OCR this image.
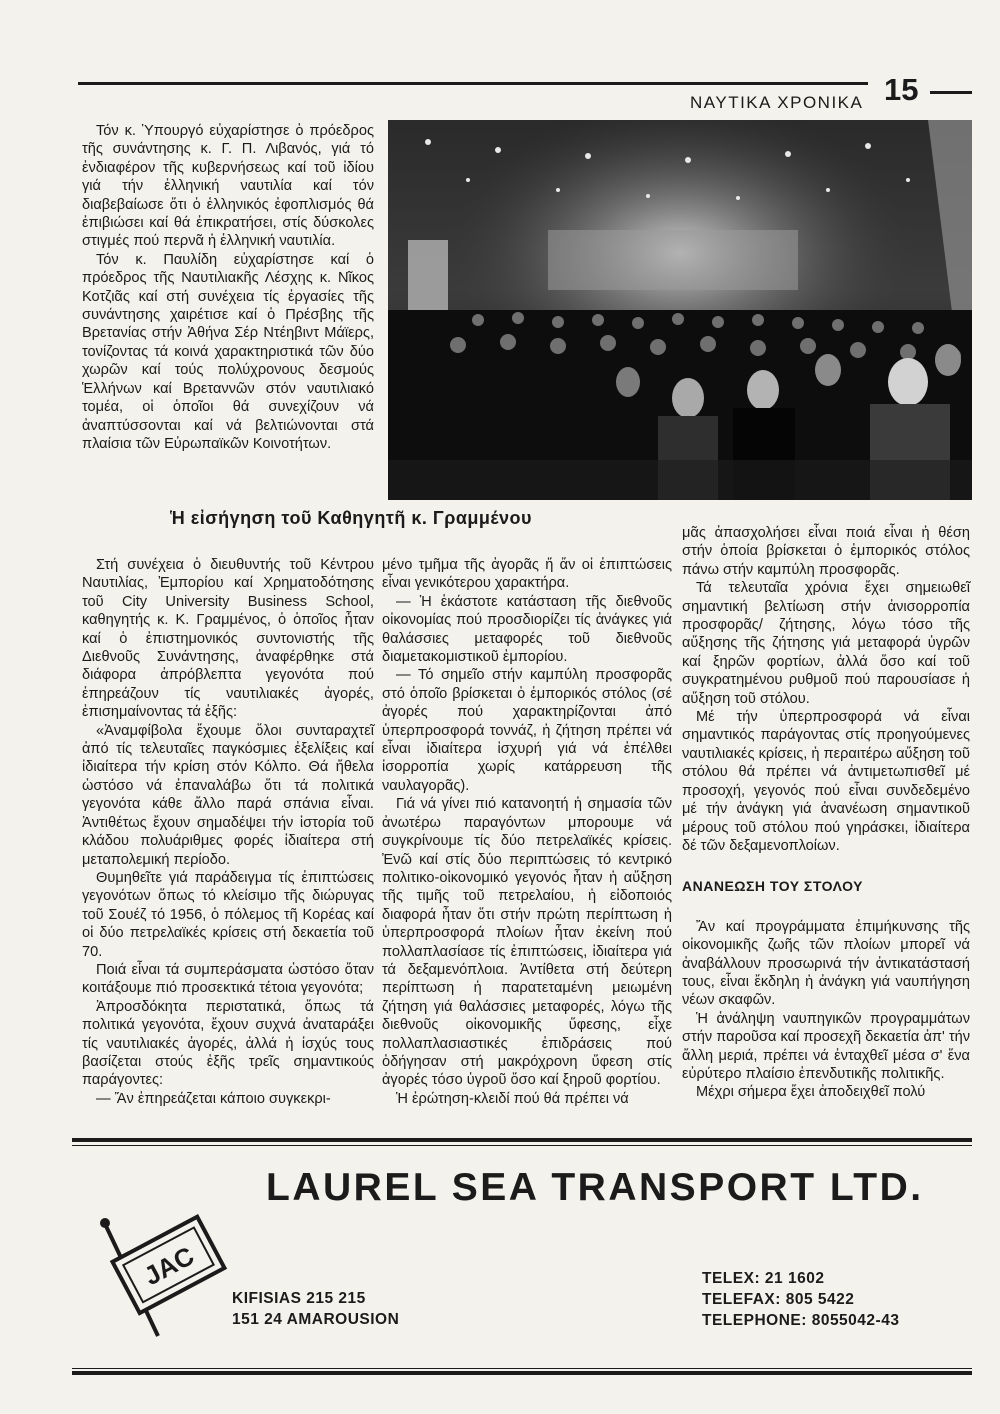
ΝΑΥΤΙΚΑ ΧΡΟΝΙΚΑ 15

Τόν κ. Ὑπουργό εὐχαρίστησε ὁ πρόεδρος τῆς συνάντησης κ. Γ. Π. Λιβανός, γιά τό ἐνδιαφέρον τῆς κυβερνήσεως καί τοῦ ἰδίου γιά τήν ἑλληνική ναυτιλία καί τόν διαβεβαίωσε ὅτι ὁ ἑλληνικός ἐφοπλισμός θά ἐπιβιώσει καί θά ἐπικρατήσει, στίς δύσκολες στιγμές πού περνᾶ ἡ ἑλληνική ναυτιλία.

Τόν κ. Παυλίδη εὐχαρίστησε καί ὁ πρόεδρος τῆς Ναυτιλιακῆς Λέσχης κ. Νῖκος Κοτζιᾶς καί στή συνέχεια τίς ἐργασίες τῆς συνάντησης χαιρέτισε καί ὁ Πρέσβης τῆς Βρετανίας στήν Ἀθήνα Σέρ Ντέηβιντ Μάϊερς, τονίζοντας τά κοινά χαρακτηριστικά τῶν δύο χωρῶν καί τούς πολύχρονους δεσμούς Ἑλλήνων καί Βρεταννῶν στόν ναυτιλιακό τομέα, οἱ ὁποῖοι θά συνεχίζουν νά ἀναπτύσσονται καί νά βελτιώνονται στά πλαίσια τῶν Εὐρωπαϊκῶν Κοινοτήτων.

Ἡ εἰσήγηση τοῦ Καθηγητῆ κ. Γραμμένου

Στή συνέχεια ὁ διευθυντής τοῦ Κέντρου Ναυτιλίας, Ἐμπορίου καί Χρηματοδότησης τοῦ City University Business School, καθηγητής κ. Κ. Γραμμένος, ὁ ὁποῖος ἦταν καί ὁ ἐπιστημονικός συντονιστής τῆς Διεθνοῦς Συνάντησης, ἀναφέρθηκε στά διάφορα ἀπρόβλεπτα γεγονότα πού ἐπηρεάζουν τίς ναυτιλιακές ἀγορές, ἐπισημαίνοντας τά ἑξῆς:

«Ἀναμφίβολα ἔχουμε ὅλοι συνταραχτεῖ ἀπό τίς τελευταῖες παγκόσμιες ἐξελίξεις καί ἰδιαίτερα τήν κρίση στόν Κόλπο. Θά ἤθελα ὡστόσο νά ἐπαναλάβω ὅτι τά πολιτικά γεγονότα κάθε ἄλλο παρά σπάνια εἶναι. Ἀντιθέτως ἔχουν σημαδέψει τήν ἱστορία τοῦ κλάδου πολυάριθμες φορές ἰδιαίτερα στή μεταπολεμική περίοδο.

Θυμηθεῖτε γιά παράδειγμα τίς ἐπιπτώσεις γεγονότων ὅπως τό κλείσιμο τῆς διώρυγας τοῦ Σουέζ τό 1956, ὁ πόλεμος τῆ Κορέας καί οἱ δύο πετρελαϊκές κρίσεις στή δεκαετία τοῦ 70.

Ποιά εἶναι τά συμπεράσματα ὡστόσο ὅταν κοιτάξουμε πιό προσεκτικά τέτοια γεγονότα;

Ἀπροσδόκητα περιστατικά, ὅπως τά πολιτικά γεγονότα, ἔχουν συχνά ἀναταράξει τίς ναυτιλιακές ἀγορές, ἀλλά ἡ ἰσχύς τους βασίζεται στούς ἑξῆς τρεῖς σημαντικούς παράγοντες:

— Ἄν ἐπηρεάζεται κάποιο συγκεκρι-

μένο τμῆμα τῆς ἀγορᾶς ἤ ἄν οἱ ἐπιπτώσεις εἶναι γενικότερου χαρακτήρα.

— Ἡ ἑκάστοτε κατάσταση τῆς διεθνοῦς οἰκονομίας πού προσδιορίζει τίς ἀνάγκες γιά θαλάσσιες μεταφορές τοῦ διεθνοῦς διαμετακομιστικοῦ ἐμπορίου.

— Τό σημεῖο στήν καμπύλη προσφορᾶς στό ὁποῖο βρίσκεται ὁ ἐμπορικός στόλος (σέ ἀγορές πού χαρακτηρίζονται ἀπό ὑπερπροσφορά τοννάζ, ἡ ζήτηση πρέπει νά εἶναι ἰδιαίτερα ἰσχυρή γιά νά ἐπέλθει ἰσορροπία χωρίς κατάρρευση τῆς ναυλαγορᾶς).

Γιά νά γίνει πιό κατανοητή ἡ σημασία τῶν ἀνωτέρω παραγόντων μπορουμε νά συγκρίνουμε τίς δύο πετρελαϊκές κρίσεις. Ἐνῶ καί στίς δύο περιπτώσεις τό κεντρικό πολιτικο-οἰκονομικό γεγονός ἦταν ἡ αὔξηση τῆς τιμῆς τοῦ πετρελαίου, ἡ εἰδοποιός διαφορά ἦταν ὅτι στήν πρώτη περίπτωση ἡ ὑπερπροσφορά πλοίων ἦταν ἐκείνη πού πολλαπλασίασε τίς ἐπιπτώσεις, ἰδιαίτερα γιά τά δεξαμενόπλοια. Ἀντίθετα στή δεύτερη περίπτωση ἡ παρατεταμένη μειωμένη ζήτηση γιά θαλάσσιες μεταφορές, λόγω τῆς διεθνοῦς οἰκονομικῆς ὕφεσης, εἶχε πολλαπλασιαστικές ἐπιδράσεις πού ὁδήγησαν στή μακρόχρονη ὕφεση στίς ἀγορές τόσο ὑγροῦ ὅσο καί ξηροῦ φορτίου.

Ἡ ἐρώτηση-κλειδί πού θά πρέπει νά

μᾶς ἀπασχολήσει εἶναι ποιά εἶναι ἡ θέση στήν ὁποία βρίσκεται ὁ ἐμπορικός στόλος πάνω στήν καμπύλη προσφορᾶς.

Τά τελευταῖα χρόνια ἔχει σημειωθεῖ σημαντική βελτίωση στήν ἀνισορροπία προσφορᾶς/ ζήτησης, λόγω τόσο τῆς αὔξησης τῆς ζήτησης γιά μεταφορά ὑγρῶν καί ξηρῶν φορτίων, ἀλλά ὅσο καί τοῦ συγκρατημένου ρυθμοῦ πού παρουσίασε ἡ αὔξηση τοῦ στόλου.

Μέ τήν ὑπερπροσφορά νά εἶναι σημαντικός παράγοντας στίς προηγούμενες ναυτιλιακές κρίσεις, ἡ περαιτέρω αὔξηση τοῦ στόλου θά πρέπει νά ἀντιμετωπισθεῖ μέ προσοχή, γεγονός πού εἶναι συνδεδεμένο μέ τήν ἀνάγκη γιά ἀνανέωση σημαντικοῦ μέρους τοῦ στόλου πού γηράσκει, ἰδιαίτερα δέ τῶν δεξαμενοπλοίων.

ΑΝΑΝΕΩΣΗ ΤΟΥ ΣΤΟΛΟΥ

Ἄν καί προγράμματα ἐπιμήκυνσης τῆς οἰκονομικῆς ζωῆς τῶν πλοίων μπορεῖ νά ἀναβάλλουν προσωρινά τήν ἀντικατάστασή τους, εἶναι ἔκδηλη ἡ ἀνάγκη γιά ναυπήγηση νέων σκαφῶν.

Ἡ ἀνάληψη ναυπηγικῶν προγραμμάτων στήν παροῦσα καί προσεχῆ δεκαετία ἀπ' τήν ἄλλη μεριά, πρέπει νά ἐνταχθεῖ μέσα σ' ἕνα εὐρύτερο πλαίσιο ἐπενδυτικῆς πολιτικῆς.

Μέχρι σήμερα ἔχει ἀποδειχθεῖ πολύ

LAUREL SEA TRANSPORT LTD.
JAC
KIFISIAS 215 215
151 24 AMAROUSION
TELEX: 21 1602
TELEFAX: 805 5422
TELEPHONE: 8055042-43
